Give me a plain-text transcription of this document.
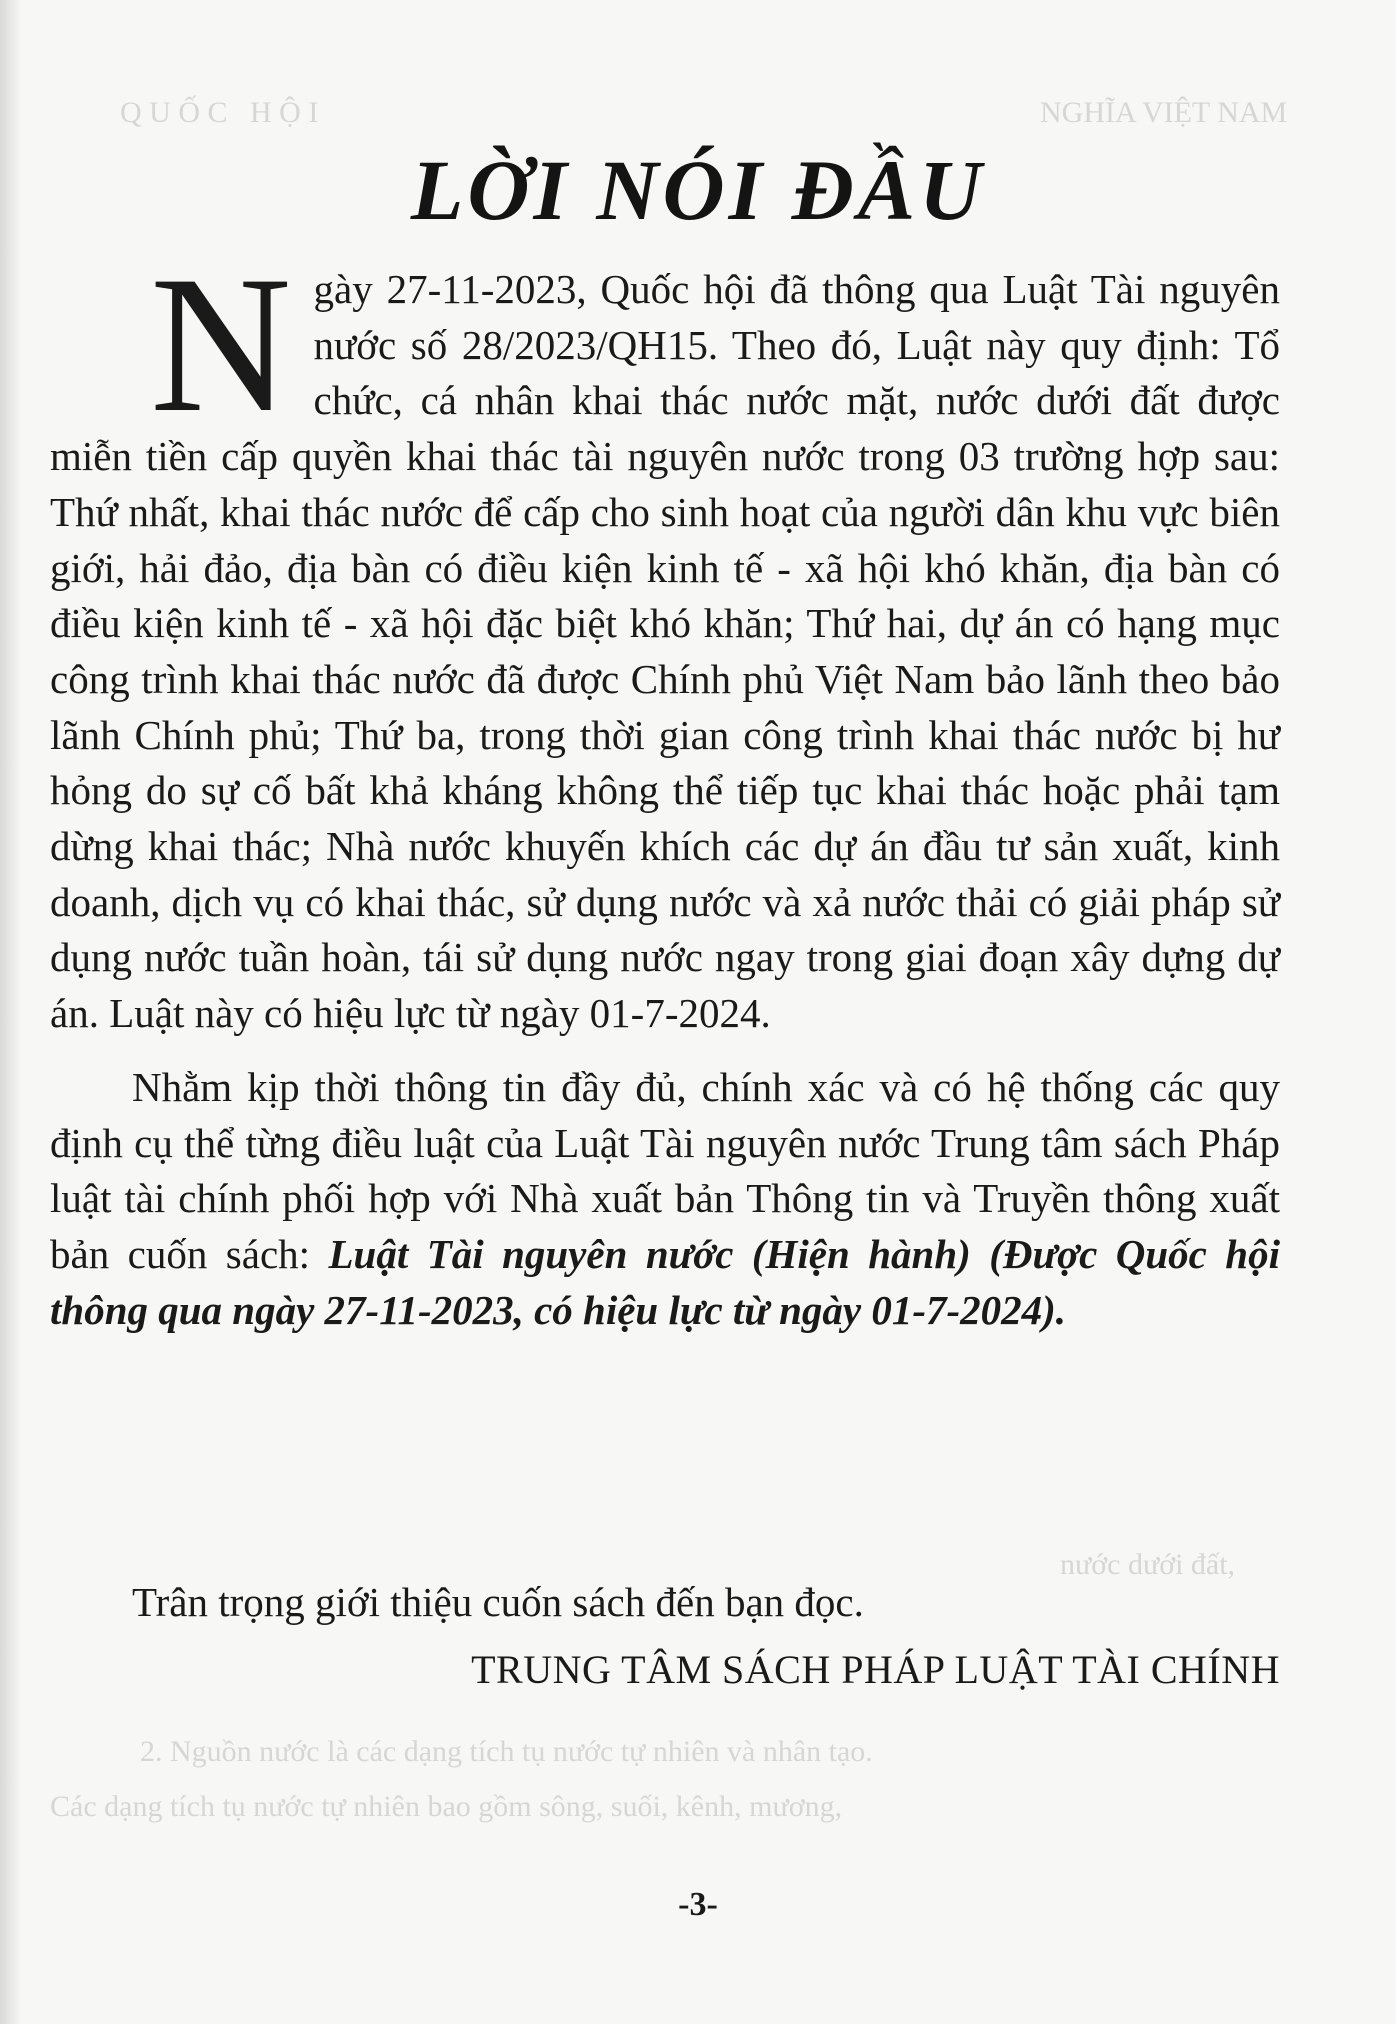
Q U Ố C   H Ộ I	NGHĨA VIỆT NAM
nước dưới đất,
2. Nguồn nước là các dạng tích tụ nước tự nhiên và nhân tạo.
Các dạng tích tụ nước tự nhiên bao gồm sông, suối, kênh, mương,
LỜI NÓI ĐẦU

Ngày 27-11-2023, Quốc hội đã thông qua Luật Tài nguyên nước số 28/2023/QH15. Theo đó, Luật này quy định: Tổ chức, cá nhân khai thác nước mặt, nước dưới đất được miễn tiền cấp quyền khai thác tài nguyên nước trong 03 trường hợp sau: Thứ nhất, khai thác nước để cấp cho sinh hoạt của người dân khu vực biên giới, hải đảo, địa bàn có điều kiện kinh tế - xã hội khó khăn, địa bàn có điều kiện kinh tế - xã hội đặc biệt khó khăn; Thứ hai, dự án có hạng mục công trình khai thác nước đã được Chính phủ Việt Nam bảo lãnh theo bảo lãnh Chính phủ; Thứ ba, trong thời gian công trình khai thác nước bị hư hỏng do sự cố bất khả kháng không thể tiếp tục khai thác hoặc phải tạm dừng khai thác; Nhà nước khuyến khích các dự án đầu tư sản xuất, kinh doanh, dịch vụ có khai thác, sử dụng nước và xả nước thải có giải pháp sử dụng nước tuần hoàn, tái sử dụng nước ngay trong giai đoạn xây dựng dự án. Luật này có hiệu lực từ ngày 01-7-2024.

Nhằm kịp thời thông tin đầy đủ, chính xác và có hệ thống các quy định cụ thể từng điều luật của Luật Tài nguyên nước Trung tâm sách Pháp luật tài chính phối hợp với Nhà xuất bản Thông tin và Truyền thông xuất bản cuốn sách: Luật Tài nguyên nước (Hiện hành) (Được Quốc hội thông qua ngày 27-11-2023, có hiệu lực từ ngày 01-7-2024).

Trân trọng giới thiệu cuốn sách đến bạn đọc.
TRUNG TÂM SÁCH PHÁP LUẬT TÀI CHÍNH
-3-
